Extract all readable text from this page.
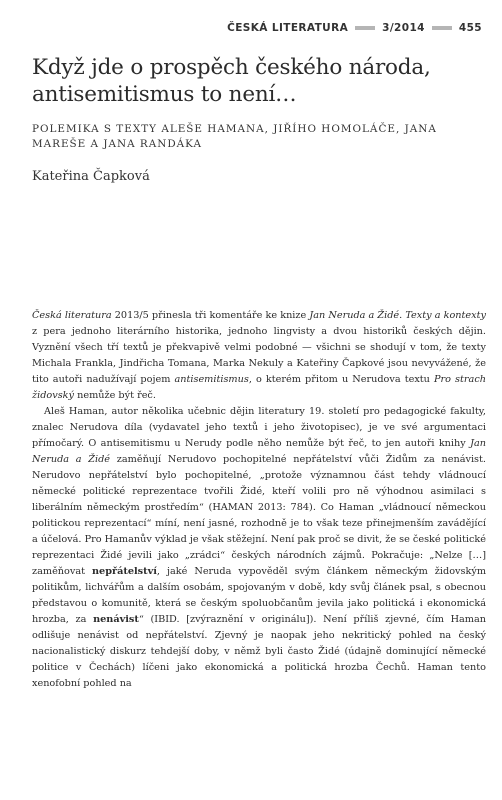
ČESKÁ LITERATURA	3/2014	455
Když jde o prospěch českého národa, antisemitismus to není…

POLEMIKA S TEXTY ALEŠE HAMANA, JIŘÍHO HOMOLÁČE, JANA MAREŠE A JANA RANDÁKA

Kateřina Čapková

Česká literatura 2013/5 přinesla tři komentáře ke knize Jan Neruda a Židé. Texty a kontexty z pera jednoho literárního historika, jednoho lingvisty a dvou historiků českých dějin. Vyznění všech tří textů je překvapivě velmi podobné — všichni se shodují v tom, že texty Michala Frankla, Jindřicha Tomana, Marka Nekuly a Kateřiny Čapkové jsou nevyvážené, že tito autoři nadužívají pojem antisemitismus, o kterém přitom u Nerudova textu Pro strach židovský nemůže být řeč.

Aleš Haman, autor několika učebnic dějin literatury 19. století pro pedagogické fakulty, znalec Nerudova díla (vydavatel jeho textů i jeho životopisec), je ve své argumentaci přímočarý. O antisemitismu u Nerudy podle něho nemůže být řeč, to jen autoři knihy Jan Neruda a Židé zaměňují Nerudovo pochopitelné nepřátelství vůči Židům za nenávist. Nerudovo nepřátelství bylo pochopitelné, „protože významnou část tehdy vládnoucí německé politické reprezentace tvořili Židé, kteří volili pro ně výhodnou asimilaci s liberálním německým prostředím“ (HAMAN 2013: 784). Co Haman „vládnoucí německou politickou reprezentací“ míní, není jasné, rozhodně je to však teze přinejmenším zavádějící a účelová. Pro Hamanův výklad je však stěžejní. Není pak proč se divit, že se české politické reprezentaci Židé jevili jako „zrádci“ českých národních zájmů. Pokračuje: „Nelze […] zaměňovat nepřátelství, jaké Neruda vypověděl svým článkem německým židovským politikům, lichvářům a dalším osobám, spojovaným v době, kdy svůj článek psal, s obecnou představou o komunitě, která se českým spoluobčanům jevila jako politická i ekonomická hrozba, za nenávist“ (IBID. [zvýraznění v originálu]). Není příliš zjevné, čím Haman odlišuje nenávist od nepřátelství. Zjevný je naopak jeho nekritický pohled na český nacionalistický diskurz tehdejší doby, v němž byli často Židé (údajně dominující německé politice v Čechách) líčeni jako ekonomická a politická hrozba Čechů. Haman tento xenofobní pohled na
